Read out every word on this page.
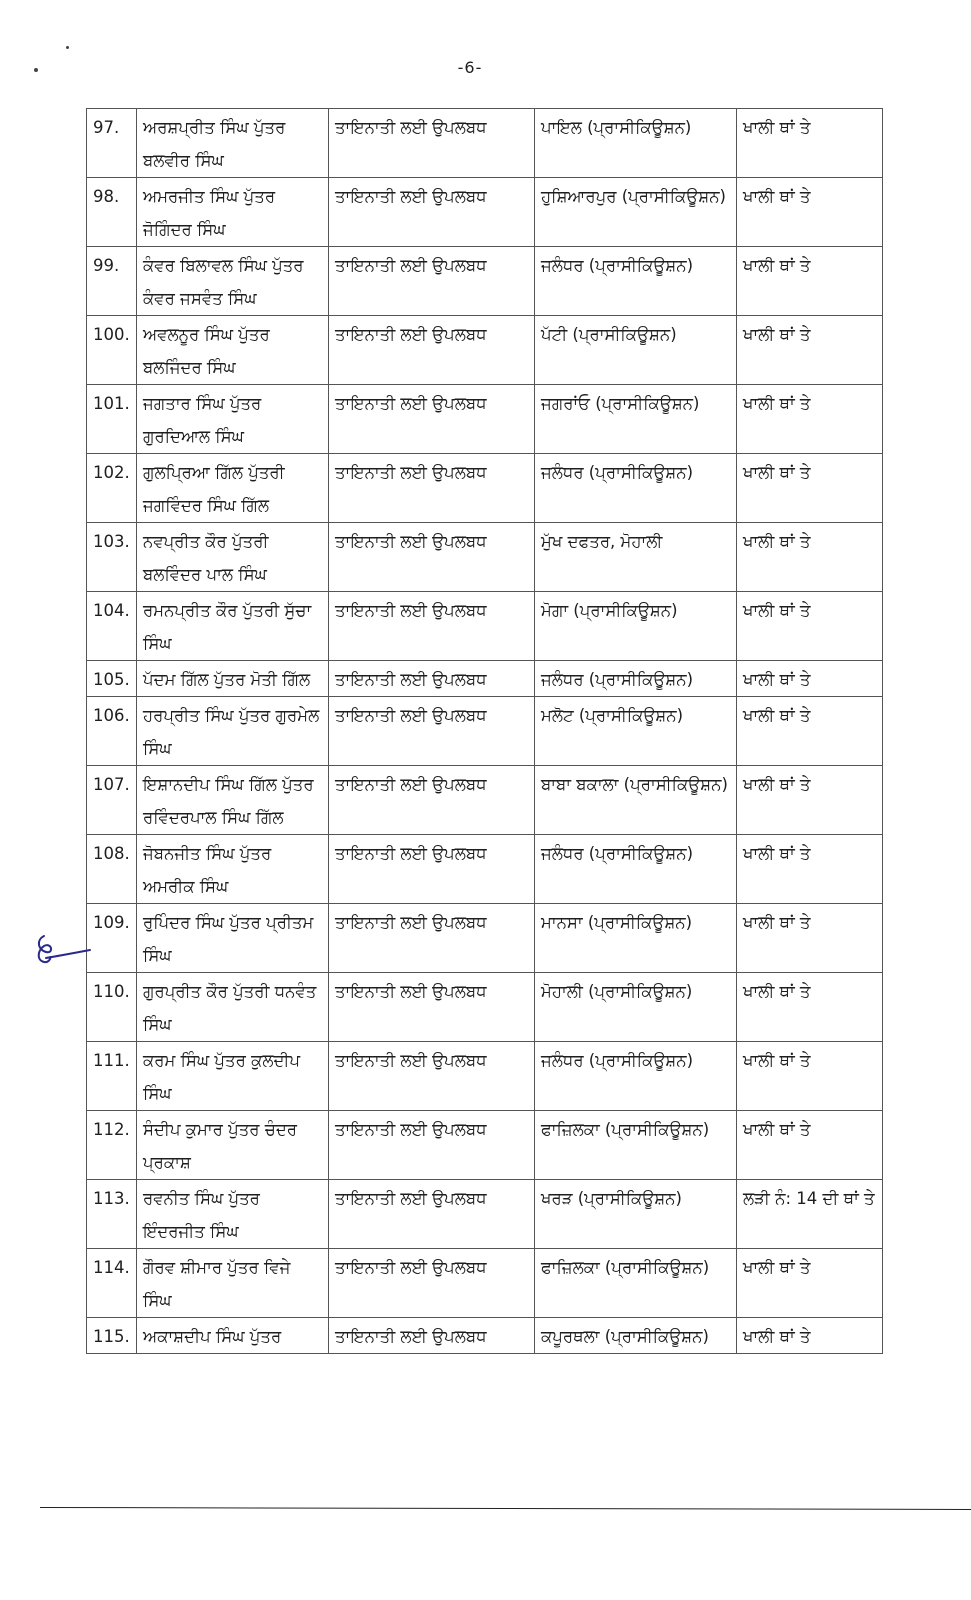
-6-
97.	ਅਰਸ਼ਪ੍ਰੀਤ ਸਿੰਘ ਪੁੱਤਰ ਬਲਵੀਰ ਸਿੰਘ	ਤਾਇਨਾਤੀ ਲਈ ਉਪਲਬਧ	ਪਾਇਲ (ਪ੍ਰਾਸੀਕਿਊਸ਼ਨ)	ਖਾਲੀ ਥਾਂ ਤੇ
98.	ਅਮਰਜੀਤ ਸਿੰਘ ਪੁੱਤਰ ਜੋਗਿੰਦਰ ਸਿੰਘ	ਤਾਇਨਾਤੀ ਲਈ ਉਪਲਬਧ	ਹੁਸ਼ਿਆਰਪੁਰ (ਪ੍ਰਾਸੀਕਿਊਸ਼ਨ)	ਖਾਲੀ ਥਾਂ ਤੇ
99.	ਕੰਵਰ ਬਿਲਾਵਲ ਸਿੰਘ ਪੁੱਤਰ ਕੰਵਰ ਜਸਵੰਤ ਸਿੰਘ	ਤਾਇਨਾਤੀ ਲਈ ਉਪਲਬਧ	ਜਲੰਧਰ (ਪ੍ਰਾਸੀਕਿਊਸ਼ਨ)	ਖਾਲੀ ਥਾਂ ਤੇ
100.	ਅਵਲਨੂਰ ਸਿੰਘ ਪੁੱਤਰ ਬਲਜਿੰਦਰ ਸਿੰਘ	ਤਾਇਨਾਤੀ ਲਈ ਉਪਲਬਧ	ਪੱਟੀ (ਪ੍ਰਾਸੀਕਿਊਸ਼ਨ)	ਖਾਲੀ ਥਾਂ ਤੇ
101.	ਜਗਤਾਰ ਸਿੰਘ ਪੁੱਤਰ ਗੁਰਦਿਆਲ ਸਿੰਘ	ਤਾਇਨਾਤੀ ਲਈ ਉਪਲਬਧ	ਜਗਰਾਂਓ (ਪ੍ਰਾਸੀਕਿਊਸ਼ਨ)	ਖਾਲੀ ਥਾਂ ਤੇ
102.	ਗੁਲਪ੍ਰਿਆ ਗਿੱਲ ਪੁੱਤਰੀ ਜਗਵਿੰਦਰ ਸਿੰਘ ਗਿੱਲ	ਤਾਇਨਾਤੀ ਲਈ ਉਪਲਬਧ	ਜਲੰਧਰ (ਪ੍ਰਾਸੀਕਿਊਸ਼ਨ)	ਖਾਲੀ ਥਾਂ ਤੇ
103.	ਨਵਪ੍ਰੀਤ ਕੌਰ ਪੁੱਤਰੀ ਬਲਵਿੰਦਰ ਪਾਲ ਸਿੰਘ	ਤਾਇਨਾਤੀ ਲਈ ਉਪਲਬਧ	ਮੁੱਖ ਦਫਤਰ, ਮੋਹਾਲੀ	ਖਾਲੀ ਥਾਂ ਤੇ
104.	ਰਮਨਪ੍ਰੀਤ ਕੌਰ ਪੁੱਤਰੀ ਸੁੱਚਾ ਸਿੰਘ	ਤਾਇਨਾਤੀ ਲਈ ਉਪਲਬਧ	ਮੋਗਾ (ਪ੍ਰਾਸੀਕਿਊਸ਼ਨ)	ਖਾਲੀ ਥਾਂ ਤੇ
105.	ਪੱਦਮ ਗਿੱਲ ਪੁੱਤਰ ਮੋਤੀ ਗਿੱਲ	ਤਾਇਨਾਤੀ ਲਈ ਉਪਲਬਧ	ਜਲੰਧਰ (ਪ੍ਰਾਸੀਕਿਊਸ਼ਨ)	ਖਾਲੀ ਥਾਂ ਤੇ
106.	ਹਰਪ੍ਰੀਤ ਸਿੰਘ ਪੁੱਤਰ ਗੁਰਮੇਲ ਸਿੰਘ	ਤਾਇਨਾਤੀ ਲਈ ਉਪਲਬਧ	ਮਲੋਟ (ਪ੍ਰਾਸੀਕਿਊਸ਼ਨ)	ਖਾਲੀ ਥਾਂ ਤੇ
107.	ਇਸ਼ਾਨਦੀਪ ਸਿੰਘ ਗਿੱਲ ਪੁੱਤਰ ਰਵਿੰਦਰਪਾਲ ਸਿੰਘ ਗਿੱਲ	ਤਾਇਨਾਤੀ ਲਈ ਉਪਲਬਧ	ਬਾਬਾ ਬਕਾਲਾ (ਪ੍ਰਾਸੀਕਿਊਸ਼ਨ)	ਖਾਲੀ ਥਾਂ ਤੇ
108.	ਜੋਬਨਜੀਤ ਸਿੰਘ ਪੁੱਤਰ ਅਮਰੀਕ ਸਿੰਘ	ਤਾਇਨਾਤੀ ਲਈ ਉਪਲਬਧ	ਜਲੰਧਰ (ਪ੍ਰਾਸੀਕਿਊਸ਼ਨ)	ਖਾਲੀ ਥਾਂ ਤੇ
109.	ਰੁਪਿੰਦਰ ਸਿੰਘ ਪੁੱਤਰ ਪ੍ਰੀਤਮ ਸਿੰਘ	ਤਾਇਨਾਤੀ ਲਈ ਉਪਲਬਧ	ਮਾਨਸਾ (ਪ੍ਰਾਸੀਕਿਊਸ਼ਨ)	ਖਾਲੀ ਥਾਂ ਤੇ
110.	ਗੁਰਪ੍ਰੀਤ ਕੌਰ ਪੁੱਤਰੀ ਧਨਵੰਤ ਸਿੰਘ	ਤਾਇਨਾਤੀ ਲਈ ਉਪਲਬਧ	ਮੋਹਾਲੀ (ਪ੍ਰਾਸੀਕਿਊਸ਼ਨ)	ਖਾਲੀ ਥਾਂ ਤੇ
111.	ਕਰਮ ਸਿੰਘ ਪੁੱਤਰ ਕੁਲਦੀਪ ਸਿੰਘ	ਤਾਇਨਾਤੀ ਲਈ ਉਪਲਬਧ	ਜਲੰਧਰ (ਪ੍ਰਾਸੀਕਿਊਸ਼ਨ)	ਖਾਲੀ ਥਾਂ ਤੇ
112.	ਸੰਦੀਪ ਕੁਮਾਰ ਪੁੱਤਰ ਚੰਦਰ ਪ੍ਰਕਾਸ਼	ਤਾਇਨਾਤੀ ਲਈ ਉਪਲਬਧ	ਫਾਜ਼ਿਲਕਾ (ਪ੍ਰਾਸੀਕਿਊਸ਼ਨ)	ਖਾਲੀ ਥਾਂ ਤੇ
113.	ਰਵਨੀਤ ਸਿੰਘ ਪੁੱਤਰ ਇੰਦਰਜੀਤ ਸਿੰਘ	ਤਾਇਨਾਤੀ ਲਈ ਉਪਲਬਧ	ਖਰੜ (ਪ੍ਰਾਸੀਕਿਊਸ਼ਨ)	ਲੜੀ ਨੰ: 14 ਦੀ ਥਾਂ ਤੇ
114.	ਗੌਰਵ ਸ਼ੀਮਾਰ ਪੁੱਤਰ ਵਿਜੇ ਸਿੰਘ	ਤਾਇਨਾਤੀ ਲਈ ਉਪਲਬਧ	ਫਾਜ਼ਿਲਕਾ (ਪ੍ਰਾਸੀਕਿਊਸ਼ਨ)	ਖਾਲੀ ਥਾਂ ਤੇ
115.	ਅਕਾਸ਼ਦੀਪ ਸਿੰਘ ਪੁੱਤਰ	ਤਾਇਨਾਤੀ ਲਈ ਉਪਲਬਧ	ਕਪੂਰਥਲਾ (ਪ੍ਰਾਸੀਕਿਊਸ਼ਨ)	ਖਾਲੀ ਥਾਂ ਤੇ
